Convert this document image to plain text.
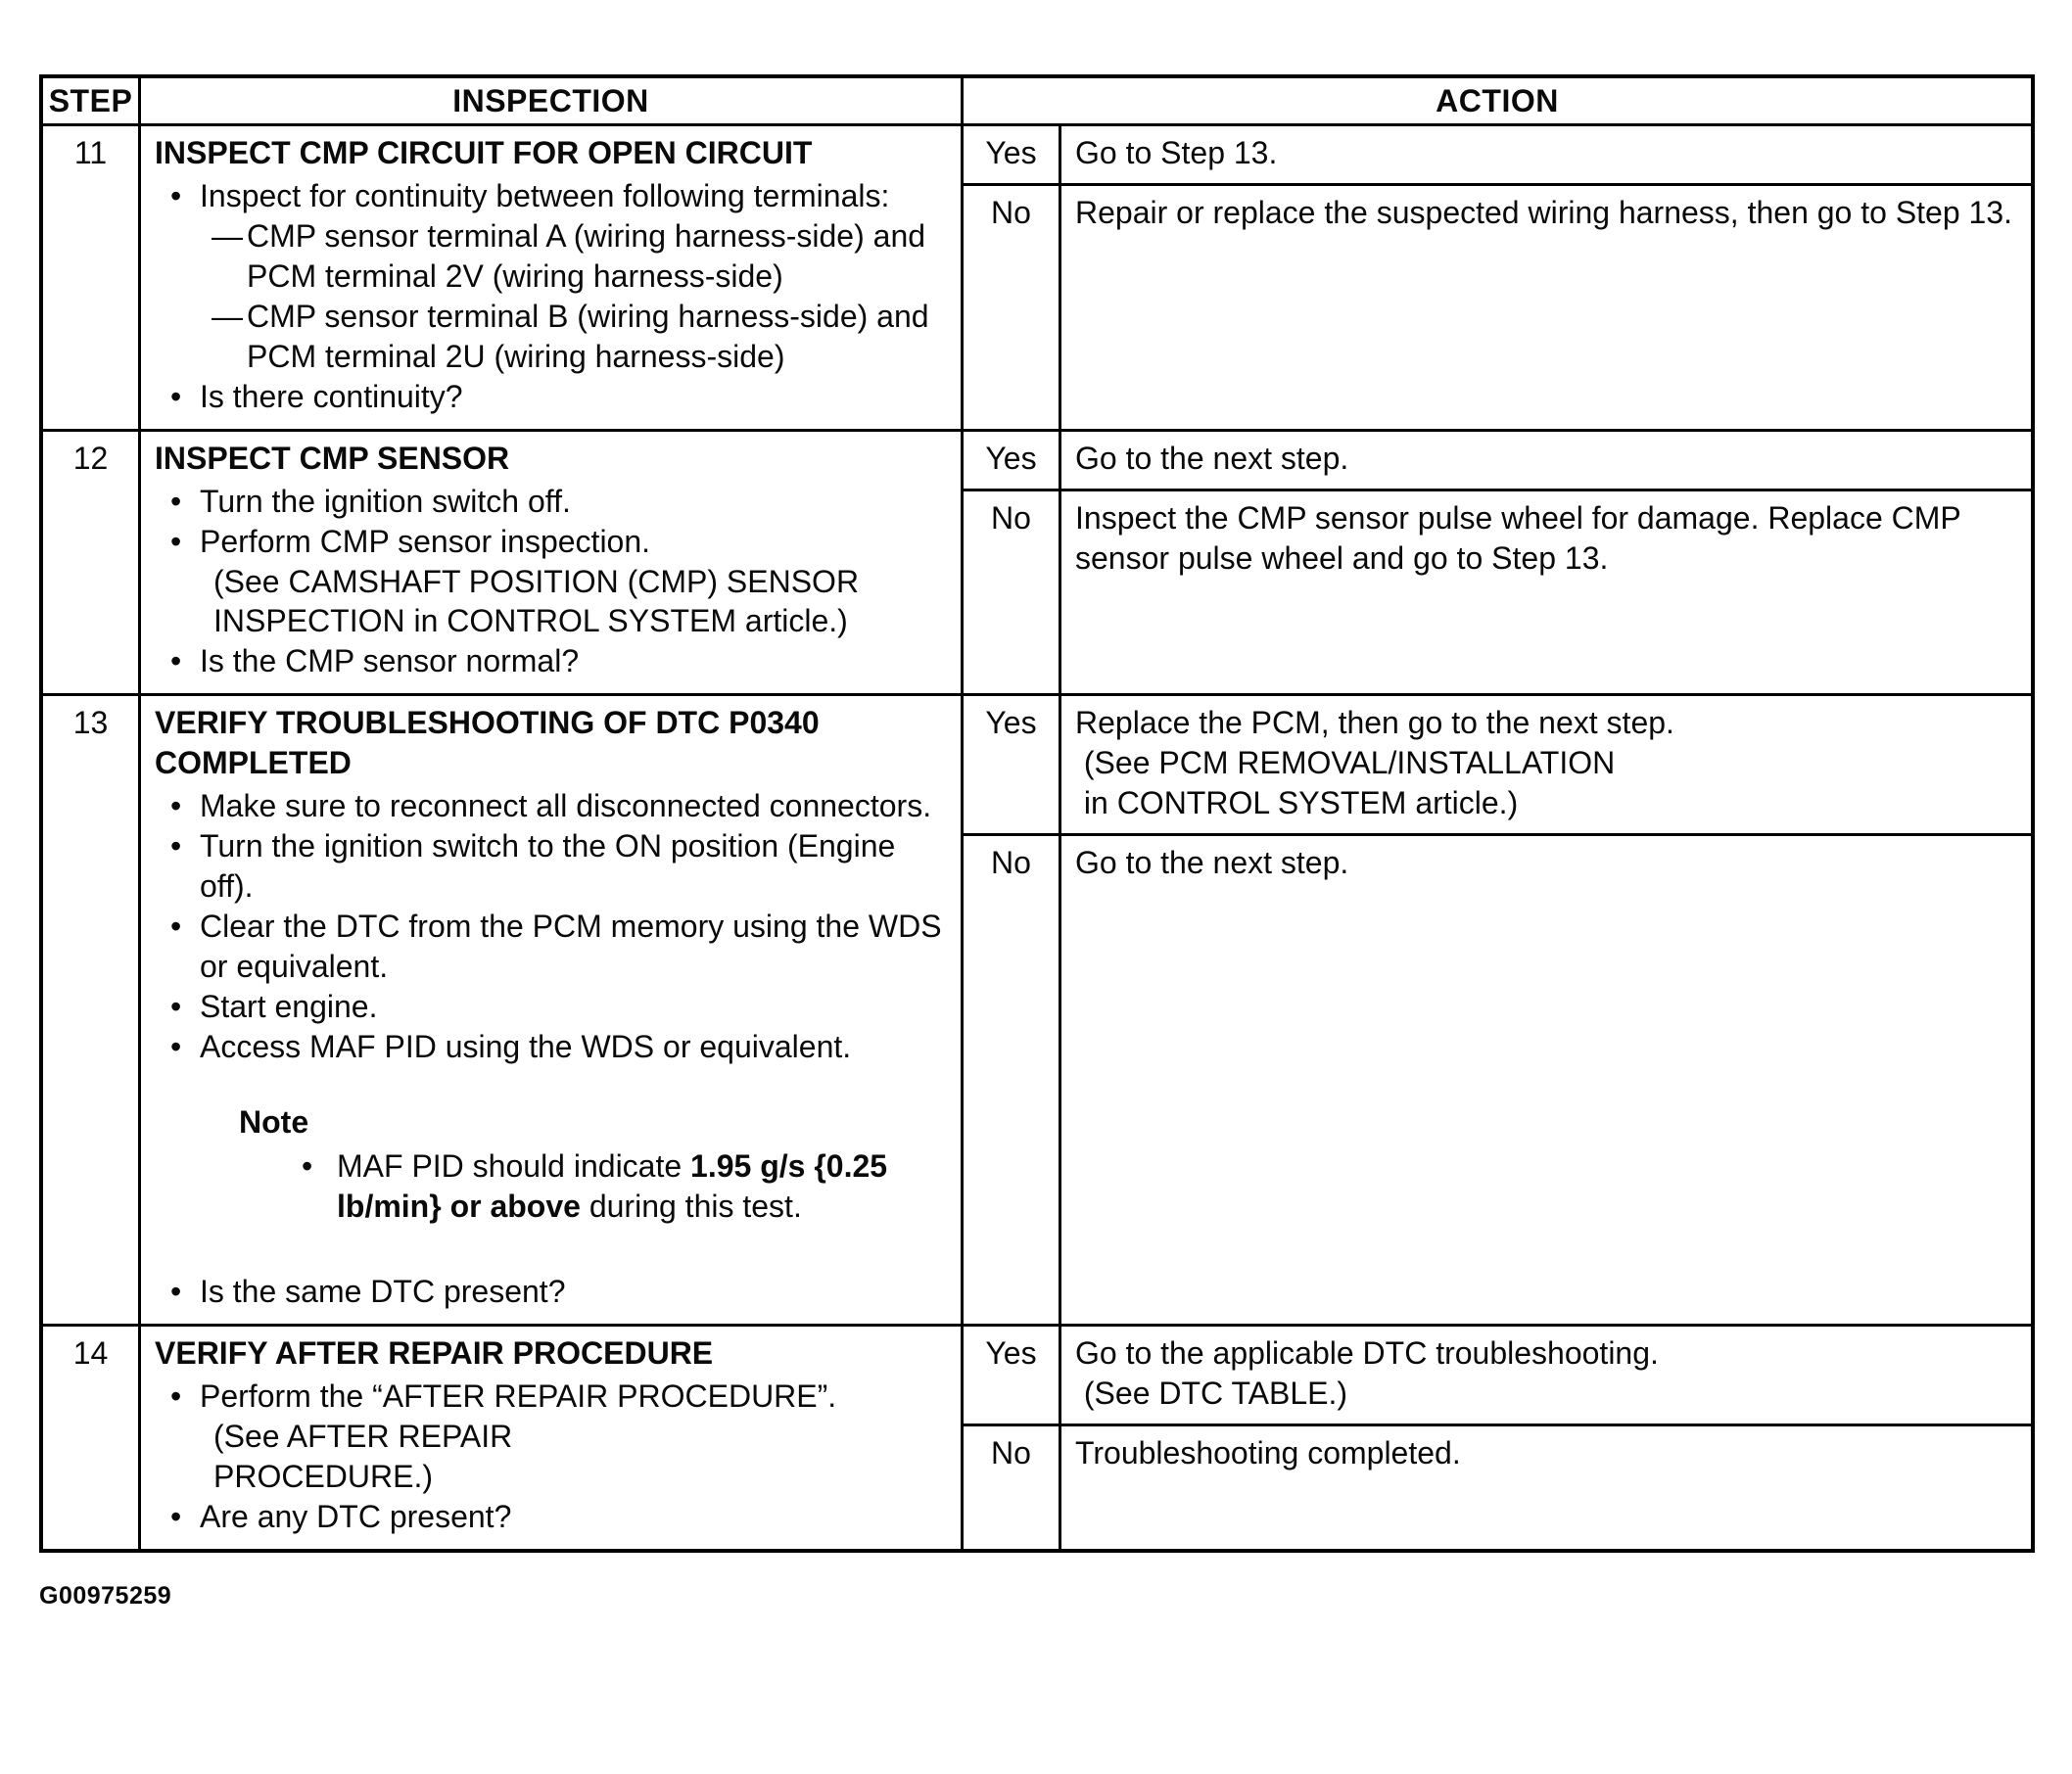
STEP	INSPECTION	ACTION
11	INSPECT CMP CIRCUIT FOR OPEN CIRCUIT
• Inspect for continuity between following terminals:
— CMP sensor terminal A (wiring harness-side) and PCM terminal 2V (wiring harness-side)
— CMP sensor terminal B (wiring harness-side) and PCM terminal 2U (wiring harness-side)
• Is there continuity?
Yes	Go to Step 13.
No	Repair or replace the suspected wiring harness, then go to Step 13.
12	INSPECT CMP SENSOR
• Turn the ignition switch off.
• Perform CMP sensor inspection.
(See CAMSHAFT POSITION (CMP) SENSOR
INSPECTION in CONTROL SYSTEM article.)
• Is the CMP sensor normal?
Yes	Go to the next step.
No	Inspect the CMP sensor pulse wheel for damage. Replace CMP sensor pulse wheel and go to Step 13.
13	VERIFY TROUBLESHOOTING OF DTC P0340 COMPLETED
• Make sure to reconnect all disconnected connectors.
• Turn the ignition switch to the ON position (Engine off).
• Clear the DTC from the PCM memory using the WDS or equivalent.
• Start engine.
• Access MAF PID using the WDS or equivalent.
Note
• MAF PID should indicate 1.95 g/s {0.25 lb/min} or above during this test.
• Is the same DTC present?
Yes	Replace the PCM, then go to the next step.
(See PCM REMOVAL/INSTALLATION
in CONTROL SYSTEM article.)
No	Go to the next step.
14	VERIFY AFTER REPAIR PROCEDURE
• Perform the “AFTER REPAIR PROCEDURE”.
(See AFTER REPAIR
PROCEDURE.)
• Are any DTC present?
Yes	Go to the applicable DTC troubleshooting.
(See DTC TABLE.)
No	Troubleshooting completed.
G00975259
